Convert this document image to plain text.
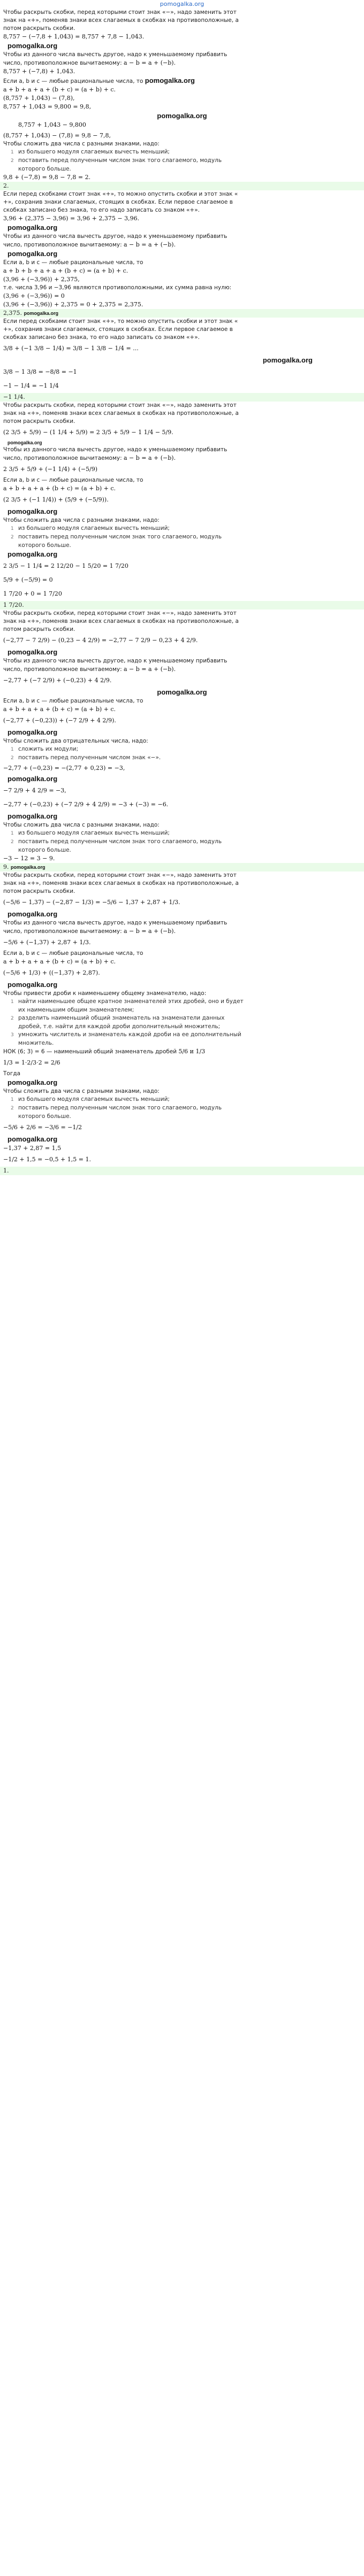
pomogalka.org

Чтобы раскрыть скобки, перед которыми стоит знак «−», надо заменить этот

знак на «+», поменяв знаки всех слагаемых в скобках на противоположные, а

потом раскрыть скобки.

8,757 − (−7,8 + 1,043) = 8,757 + 7,8 − 1,043.
pomogalka.org

Чтобы из данного числа вычесть другое, надо к уменьшаемому прибавить

число, противоположное вычитаемому: a − b = a + (−b).
8,757 + (−7,8) + 1,043.
Если a, b и c — любые рациональные числа, то pomogalka.org
a + b + a + a + (b + c) = (a + b) + c.
(8,757 + 1,043) − (7,8),
8,757 + 1,043 = 9,800 = 9,8,
pomogalka.org
8,757 + 1,043 − 9,800
(8,757 + 1,043) − (7,8) = 9,8 − 7,8,
Чтобы сложить два числа с разными знаками, надо:
1 из большего модуля слагаемых вычесть меньший;
2 поставить перед полученным числом знак того слагаемого, модуль
которого больше.
9,8 + (−7,8) = 9,8 − 7,8 = 2.
2.

Если перед скобками стоит знак «+», то можно опустить скобки и этот знак «

+», сохранив знаки слагаемых, стоящих в скобках. Если первое слагаемое в

скобках записано без знака, то его надо записать со знаком «+».

3,96 + (2,375 − 3,96) = 3,96 + 2,375 − 3,96.
pomogalka.org

Чтобы из данного числа вычесть другое, надо к уменьшаемому прибавить

число, противоположное вычитаемому: a − b = a + (−b).
pomogalka.org
Если a, b и c — любые рациональные числа, то
a + b + b + a + a + (b + c) = (a + b) + c.
(3,96 + (−3,96)) + 2,375,
т.е. числа 3,96 и −3,96 являются противоположными, их сумма равна нулю:
(3,96 + (−3,96)) = 0
(3,96 + (−3,96)) + 2,375 = 0 + 2,375 = 2,375.
2,375. pomogalka.org

Если перед скобками стоит знак «+», то можно опустить скобки и этот знак «

+», сохранив знаки слагаемых, стоящих в скобках. Если первое слагаемое в

скобках записано без знака, то его надо записать со знаком «+».

3/8 + (−1 3/8 − 1/4) = 3/8 − 1 3/8 − 1/4 = ...
pomogalka.org
3/8 − 1 3/8 = −8/8 = −1
−1 − 1/4 = −1 1/4
−1 1/4.

Чтобы раскрыть скобки, перед которыми стоит знак «−», надо заменить этот

знак на «+», поменяв знаки всех слагаемых в скобках на противоположные, а

потом раскрыть скобки.

(2 3/5 + 5/9) − (1 1/4 + 5/9) = 2 3/5 + 5/9 − 1 1/4 − 5/9.
pomogalka.org

Чтобы из данного числа вычесть другое, надо к уменьшаемому прибавить

число, противоположное вычитаемому: a − b = a + (−b).
2 3/5 + 5/9 + (−1 1/4) + (−5/9)
Если a, b и c — любые рациональные числа, то
a + b + a + a + (b + c) = (a + b) + c.
(2 3/5 + (−1 1/4)) + (5/9 + (−5/9)).
pomogalka.org
Чтобы сложить два числа с разными знаками, надо:
1 из большего модуля слагаемых вычесть меньший;
2 поставить перед полученным числом знак того слагаемого, модуль
которого больше.
pomogalka.org
2 3/5 − 1 1/4 = 2 12/20 − 1 5/20 = 1 7/20
5/9 + (−5/9) = 0
1 7/20 + 0 = 1 7/20
1 7/20.

Чтобы раскрыть скобки, перед которыми стоит знак «−», надо заменить этот

знак на «+», поменяв знаки всех слагаемых в скобках на противоположные, а

потом раскрыть скобки.

(−2,77 − 7 2/9) − (0,23 − 4 2/9) = −2,77 − 7 2/9 − 0,23 + 4 2/9.
pomogalka.org

Чтобы из данного числа вычесть другое, надо к уменьшаемому прибавить

число, противоположное вычитаемому: a − b = a + (−b).
−2,77 + (−7 2/9) + (−0,23) + 4 2/9.
pomogalka.org
Если a, b и c — любые рациональные числа, то
a + b + a + a + (b + c) = (a + b) + c.
(−2,77 + (−0,23)) + (−7 2/9 + 4 2/9).
pomogalka.org
Чтобы сложить два отрицательных числа, надо:
1 сложить их модули;
2 поставить перед полученным числом знак «−».
−2,77 + (−0,23) = −(2,77 + 0,23) = −3,
pomogalka.org
−7 2/9 + 4 2/9 = −3,
−2,77 + (−0,23) + (−7 2/9 + 4 2/9) = −3 + (−3) = −6.
pomogalka.org
Чтобы сложить два числа с разными знаками, надо:
1 из большего модуля слагаемых вычесть меньший;
2 поставить перед полученным числом знак того слагаемого, модуль
которого больше.
−3 − 12 = 3 − 9.
9. pomogalka.org

Чтобы раскрыть скобки, перед которыми стоит знак «−», надо заменить этот

знак на «+», поменяв знаки всех слагаемых в скобках на противоположные, а

потом раскрыть скобки.

(−5/6 − 1,37) − (−2,87 − 1/3) = −5/6 − 1,37 + 2,87 + 1/3.
pomogalka.org

Чтобы из данного числа вычесть другое, надо к уменьшаемому прибавить

число, противоположное вычитаемому: a − b = a + (−b).
−5/6 + (−1,37) + 2,87 + 1/3.
Если a, b и c — любые рациональные числа, то
a + b + a + a + (b + c) = (a + b) + c.
(−5/6 + 1/3) + ((−1,37) + 2,87).
pomogalka.org
Чтобы привести дроби к наименьшему общему знаменателю, надо:
1 найти наименьшее общее кратное знаменателей этих дробей, оно и будет
их наименьшим общим знаменателем;
2 разделить наименьший общий знаменатель на знаменатели данных
дробей, т.е. найти для каждой дроби дополнительный множитель;
3 умножить числитель и знаменатель каждой дроби на ее дополнительный
множитель.
НОК (6; 3) = 6 — наименьший общий знаменатель дробей 5/6 и 1/3
1/3 = 1·2/3·2 = 2/6
Тогда
pomogalka.org
Чтобы сложить два числа с разными знаками, надо:
1 из большего модуля слагаемых вычесть меньший;
2 поставить перед полученным числом знак того слагаемого, модуль
которого больше.
−5/6 + 2/6 = −3/6 = −1/2
pomogalka.org
−1,37 + 2,87 = 1,5
−1/2 + 1,5 = −0,5 + 1,5 = 1.
1.
